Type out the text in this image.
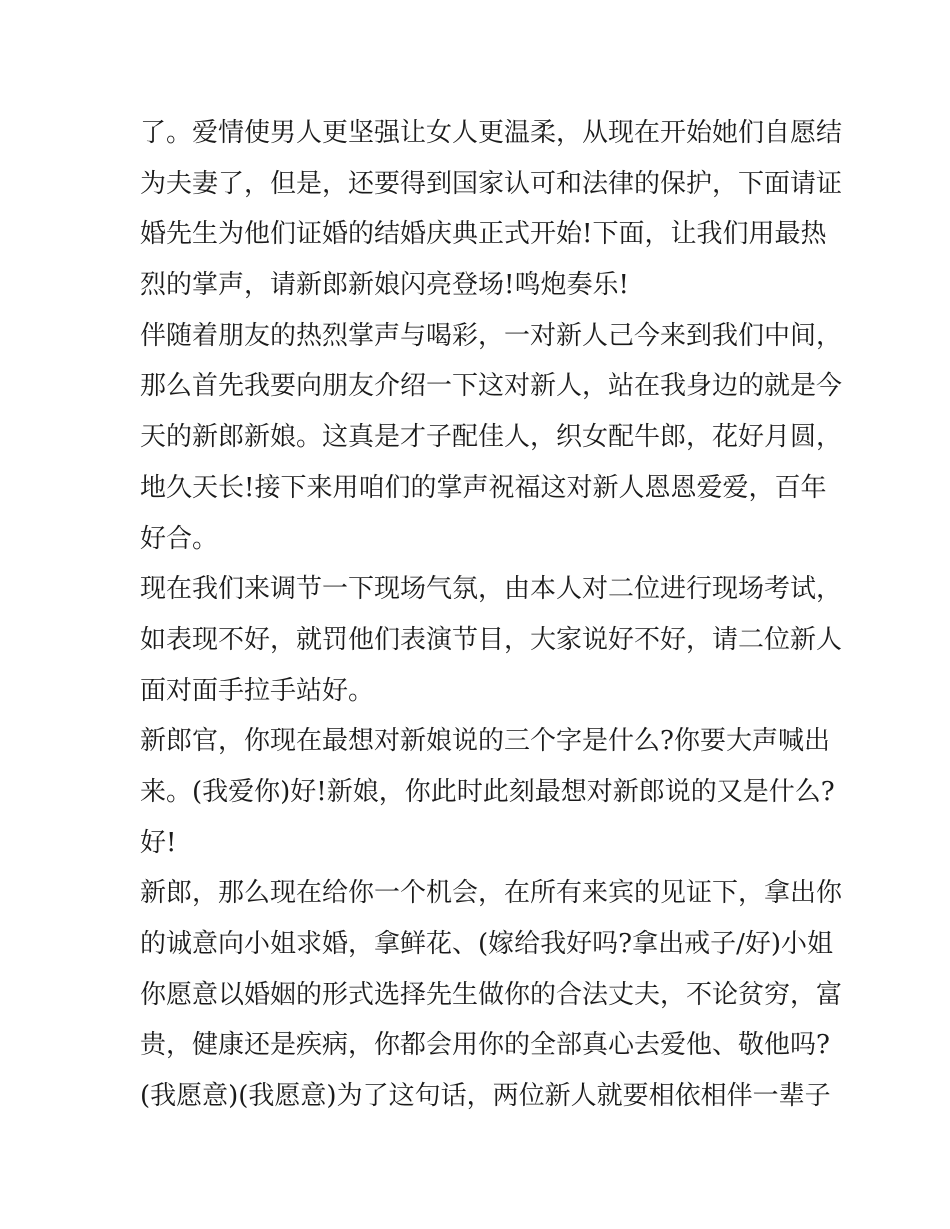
了。爱情使男人更坚强让女人更温柔，从现在开始她们自愿结
为夫妻了，但是，还要得到国家认可和法律的保护，下面请证
婚先生为他们证婚的结婚庆典正式开始!下面，让我们用最热
烈的掌声，请新郎新娘闪亮登场!鸣炮奏乐!
伴随着朋友的热烈掌声与喝彩，一对新人己今来到我们中间，
那么首先我要向朋友介绍一下这对新人，站在我身边的就是今
天的新郎新娘。这真是才子配佳人，织女配牛郎，花好月圆，
地久天长!接下来用咱们的掌声祝福这对新人恩恩爱爱，百年
好合。
现在我们来调节一下现场气氛，由本人对二位进行现场考试，
如表现不好，就罚他们表演节目，大家说好不好，请二位新人
面对面手拉手站好。
新郎官，你现在最想对新娘说的三个字是什么?你要大声喊出
来。(我爱你)好!新娘，你此时此刻最想对新郎说的又是什么?
好!
新郎，那么现在给你一个机会，在所有来宾的见证下，拿出你
的诚意向小姐求婚，拿鲜花、(嫁给我好吗?拿出戒子/好)小姐
你愿意以婚姻的形式选择先生做你的合法丈夫，不论贫穷，富
贵，健康还是疾病，你都会用你的全部真心去爱他、敬他吗?
(我愿意)(我愿意)为了这句话，两位新人就要相依相伴一辈子
